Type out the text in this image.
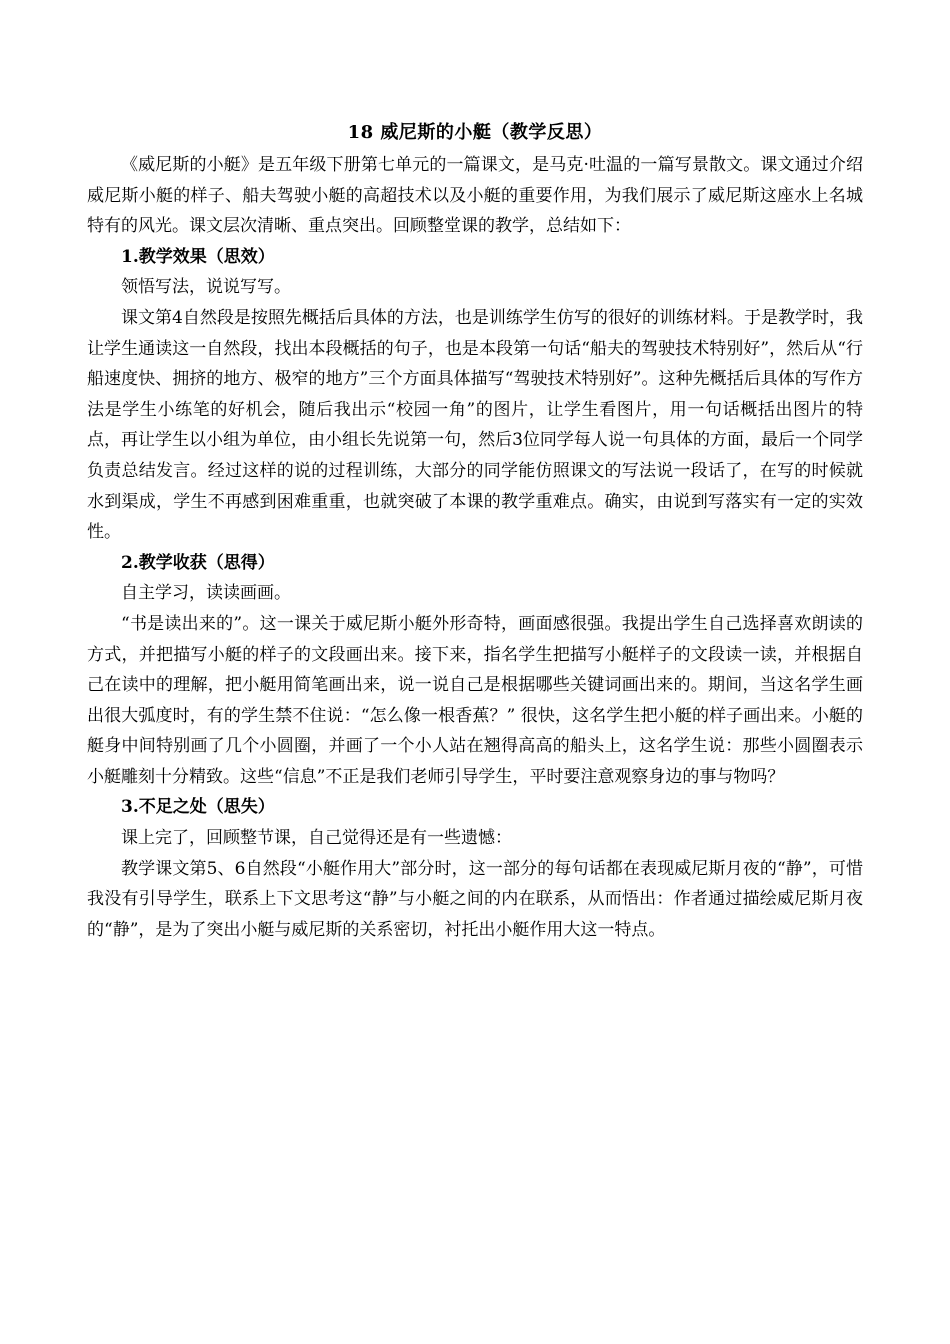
18 威尼斯的小艇（教学反思）

《威尼斯的小艇》是五年级下册第七单元的一篇课文，是马克·吐温的一篇写景散文。课文通过介绍威尼斯小艇的样子、船夫驾驶小艇的高超技术以及小艇的重要作用，为我们展示了威尼斯这座水上名城特有的风光。课文层次清晰、重点突出。回顾整堂课的教学，总结如下：

1.教学效果（思效）

领悟写法，说说写写。

课文第4自然段是按照先概括后具体的方法，也是训练学生仿写的很好的训练材料。于是教学时，我让学生通读这一自然段，找出本段概括的句子，也是本段第一句话“船夫的驾驶技术特别好”，然后从“行船速度快、拥挤的地方、极窄的地方”三个方面具体描写“驾驶技术特别好”。这种先概括后具体的写作方法是学生小练笔的好机会，随后我出示“校园一角”的图片，让学生看图片，用一句话概括出图片的特点，再让学生以小组为单位，由小组长先说第一句，然后3位同学每人说一句具体的方面，最后一个同学负责总结发言。经过这样的说的过程训练，大部分的同学能仿照课文的写法说一段话了，在写的时候就水到渠成，学生不再感到困难重重，也就突破了本课的教学重难点。确实，由说到写落实有一定的实效性。

2.教学收获（思得）

自主学习，读读画画。

“书是读出来的”。这一课关于威尼斯小艇外形奇特，画面感很强。我提出学生自己选择喜欢朗读的方式，并把描写小艇的样子的文段画出来。接下来，指名学生把描写小艇样子的文段读一读，并根据自己在读中的理解，把小艇用简笔画出来，说一说自己是根据哪些关键词画出来的。期间，当这名学生画出很大弧度时，有的学生禁不住说：“怎么像一根香蕉？” 很快，这名学生把小艇的样子画出来。小艇的艇身中间特别画了几个小圆圈，并画了一个小人站在翘得高高的船头上，这名学生说：那些小圆圈表示小艇雕刻十分精致。这些“信息”不正是我们老师引导学生，平时要注意观察身边的事与物吗？

3.不足之处（思失）

课上完了，回顾整节课，自己觉得还是有一些遗憾：

教学课文第5、6自然段“小艇作用大”部分时，这一部分的每句话都在表现威尼斯月夜的“静”，可惜我没有引导学生，联系上下文思考这“静”与小艇之间的内在联系，从而悟出：作者通过描绘威尼斯月夜的“静”，是为了突出小艇与威尼斯的关系密切，衬托出小艇作用大这一特点。
